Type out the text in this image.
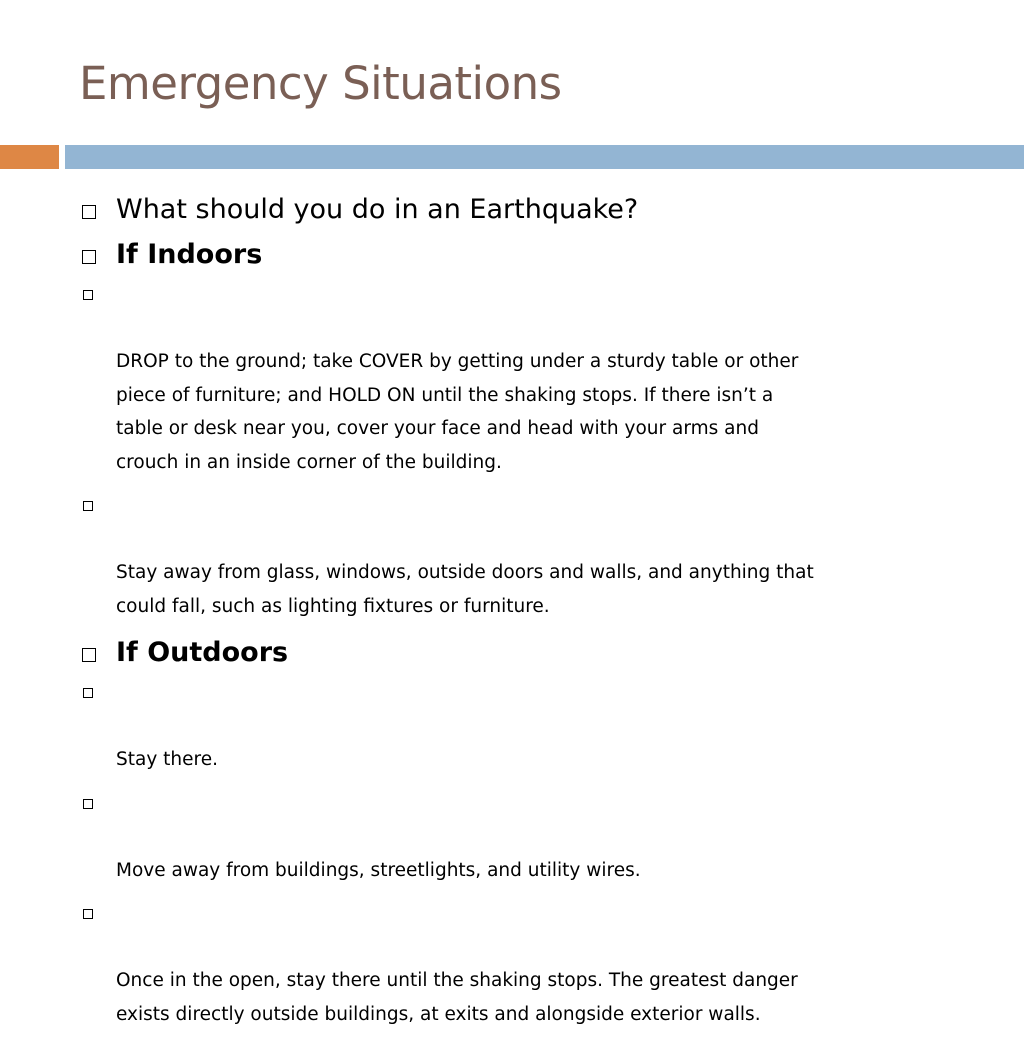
Emergency Situations
What should you do in an Earthquake?
If Indoors

DROP to the ground; take COVER by getting under a sturdy table or other
piece of furniture; and HOLD ON until the shaking stops. If there isn’t a
table or desk near you, cover your face and head with your arms and
crouch in an inside corner of the building.

Stay away from glass, windows, outside doors and walls, and anything that
could fall, such as lighting fixtures or furniture.

If Outdoors

Stay there.

Move away from buildings, streetlights, and utility wires.

Once in the open, stay there until the shaking stops. The greatest danger
exists directly outside buildings, at exits and alongside exterior walls.
